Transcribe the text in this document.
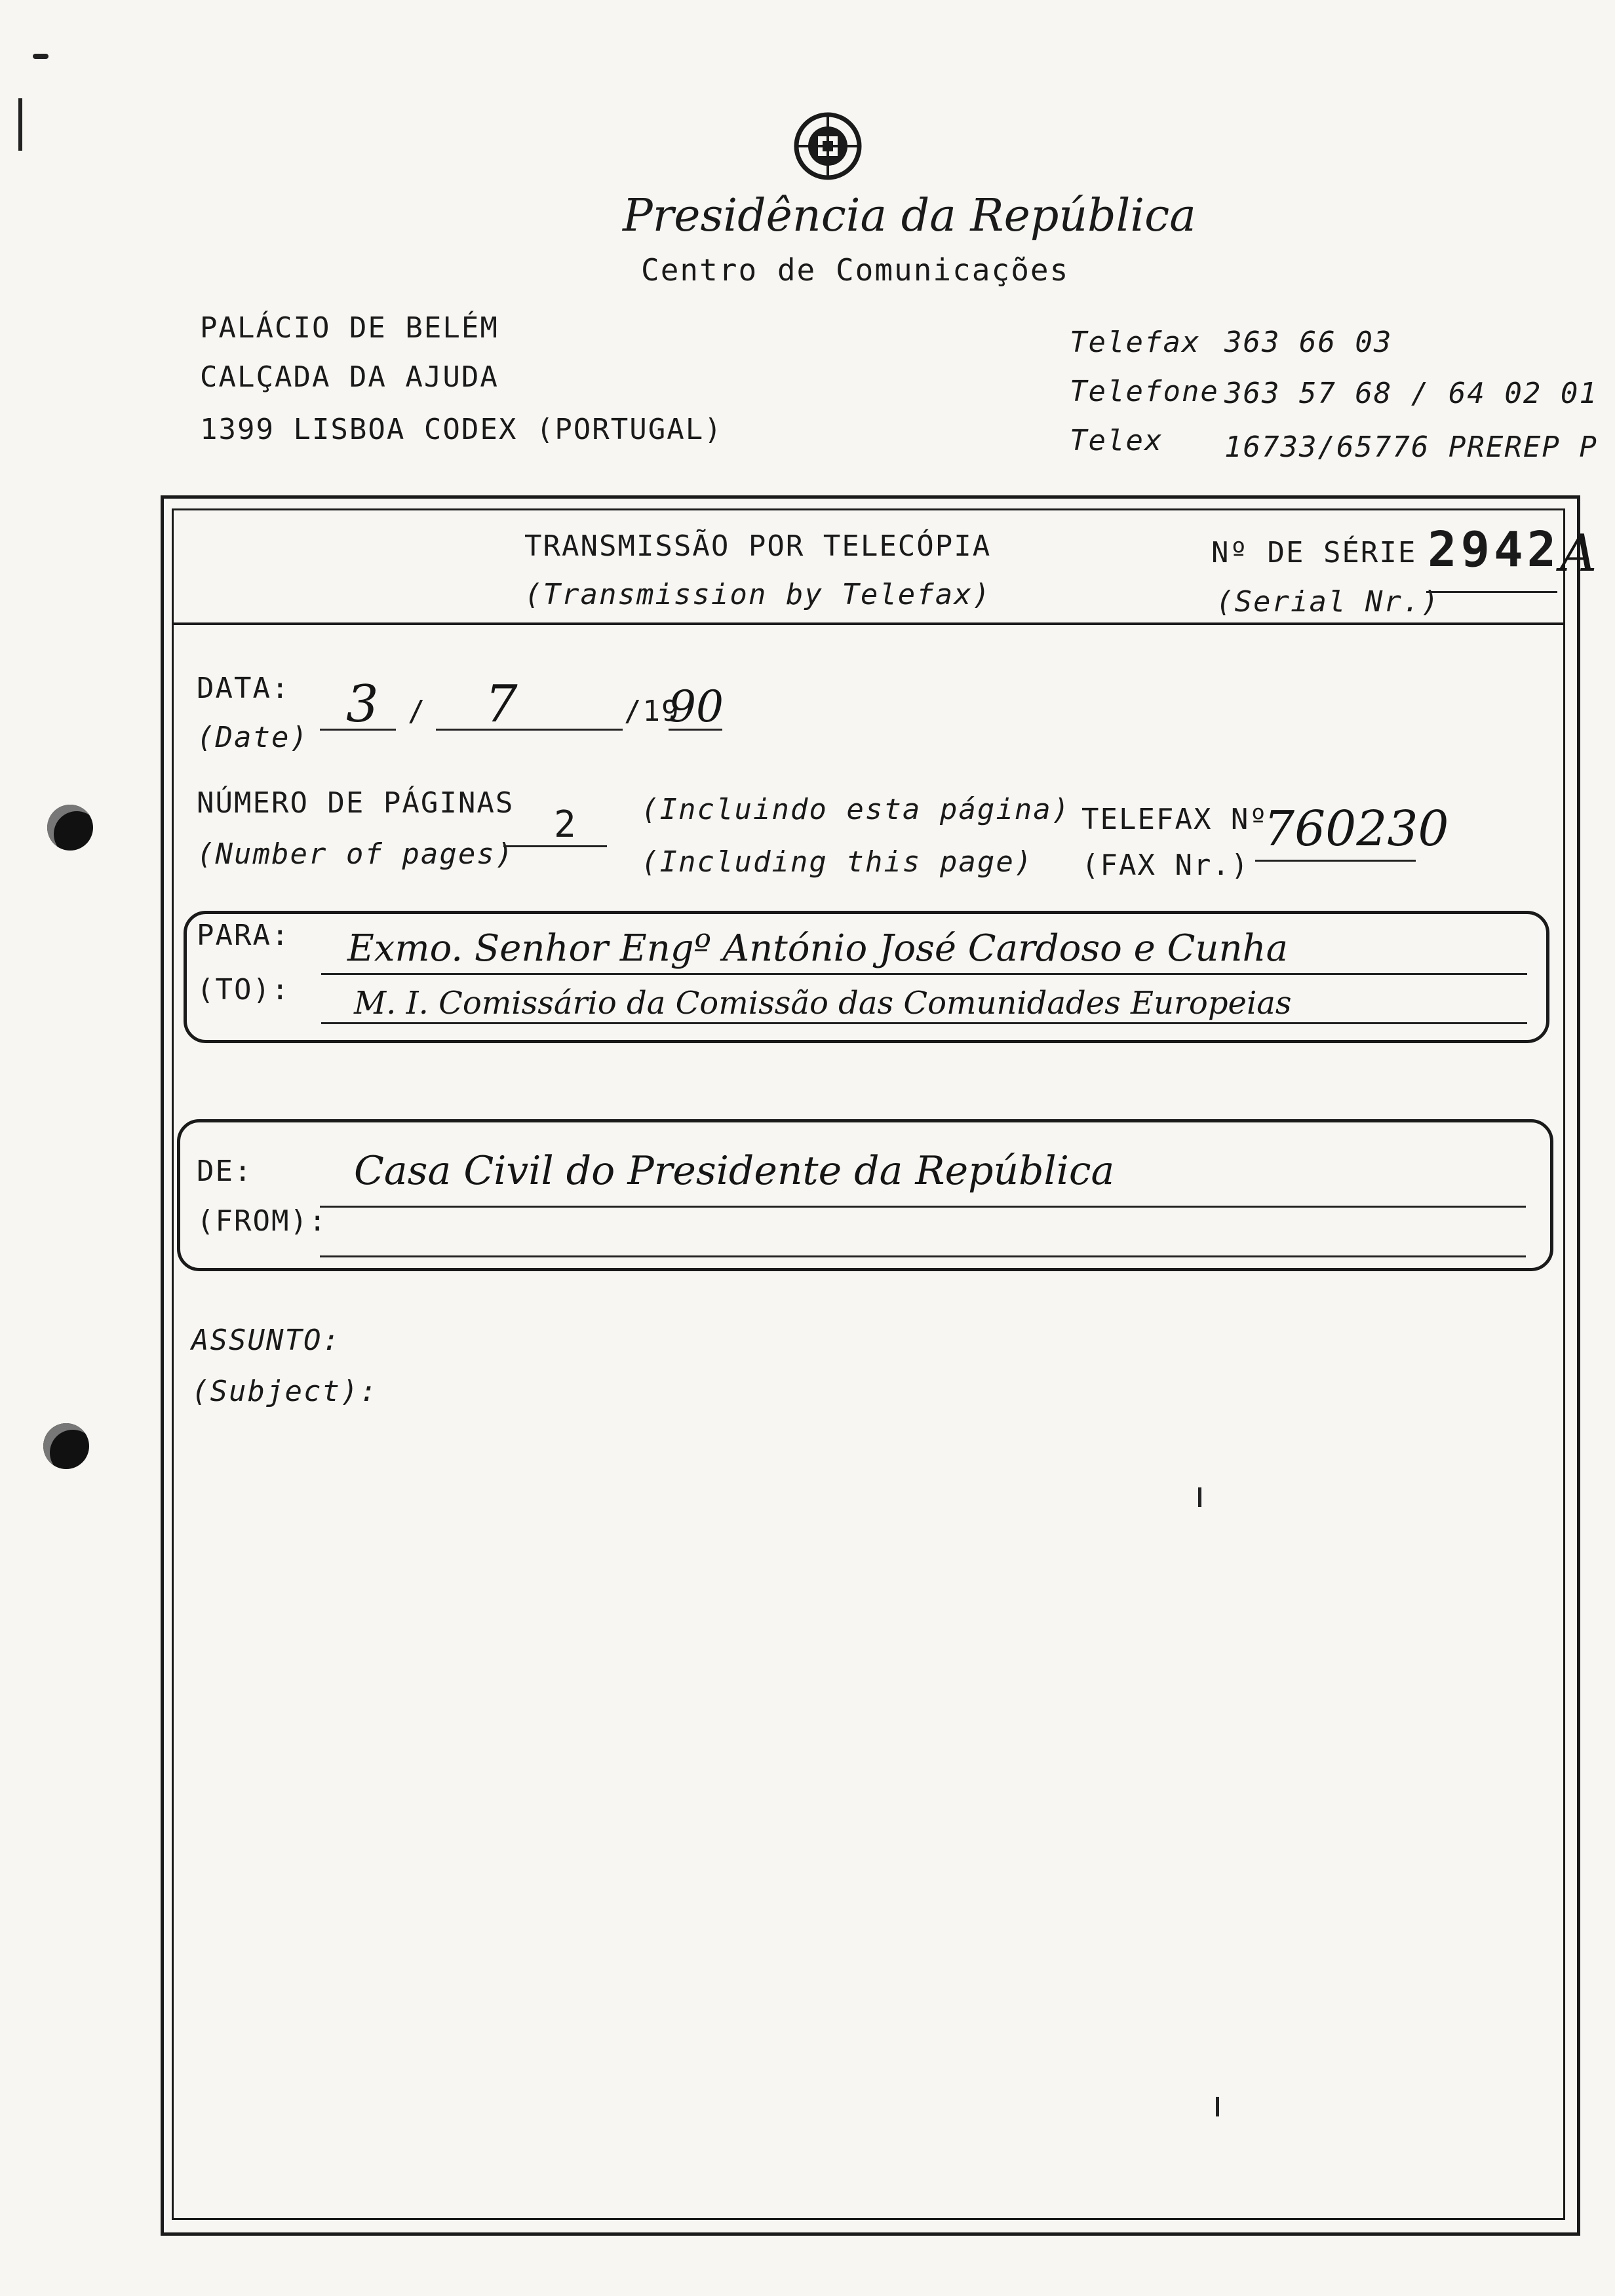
Presidência da República
Centro de Comunicações
PALÁCIO DE BELÉM
CALÇADA DA AJUDA
1399 LISBOA CODEX (PORTUGAL)
Telefax 363 66 03
Telefone 363 57 68 / 64 02 01
Telex 16733/65776 PREREP P
TRANSMISSÃO POR TELECÓPIA
(Transmission by Telefax)
Nº DE SÉRIE
(Serial Nr.)
2942 A
DATA:
(Date)
3 / 7	/19
90
NÚMERO DE PÁGINAS
(Number of pages)
2 (Incluindo esta página)
(Including this page)
TELEFAX Nº
(FAX Nr.)
760230
PARA:
(TO):
Exmo. Senhor Engº António José Cardoso e Cunha
M. I. Comissário da Comissão das Comunidades Europeias
DE:
(FROM):
Casa Civil do Presidente da República
ASSUNTO:
(Subject):
